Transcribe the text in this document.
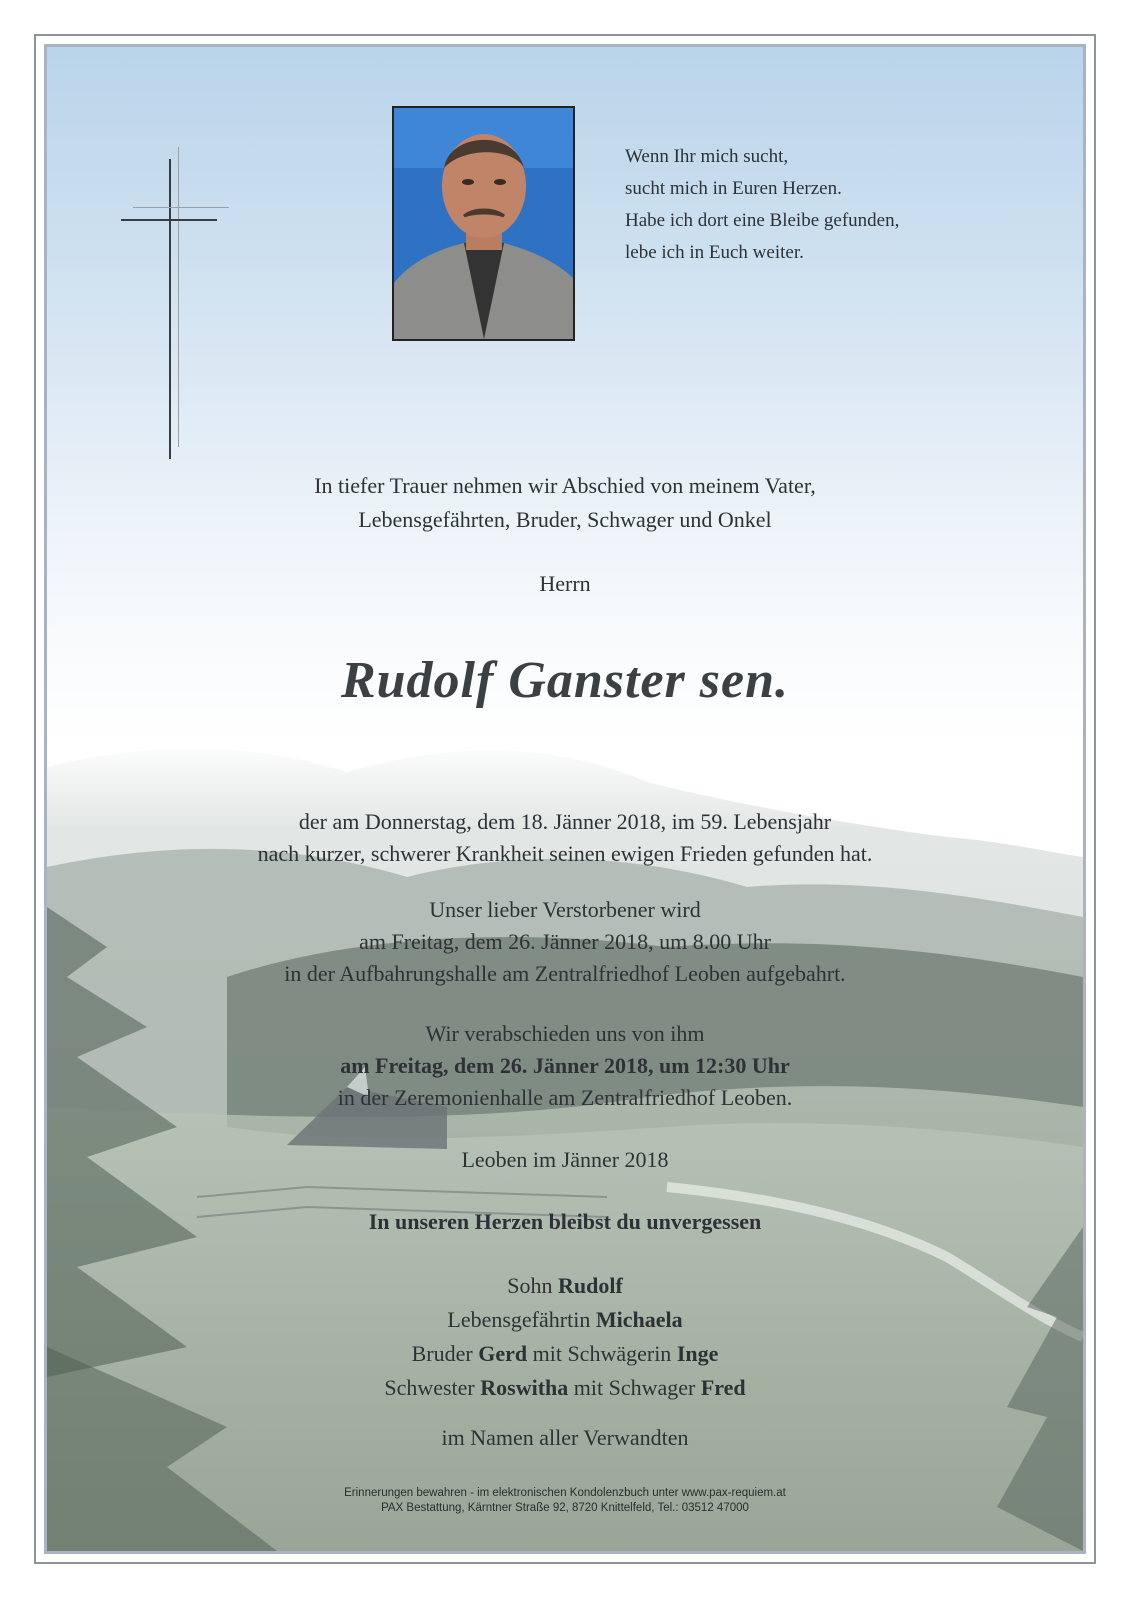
Wenn Ihr mich sucht,
sucht mich in Euren Herzen.
Habe ich dort eine Bleibe gefunden,
lebe ich in Euch weiter.
In tiefer Trauer nehmen wir Abschied von meinem Vater,
Lebensgefährten, Bruder, Schwager und Onkel
Herrn
Rudolf Ganster sen.
der am Donnerstag, dem 18. Jänner 2018, im 59. Lebensjahr
nach kurzer, schwerer Krankheit seinen ewigen Frieden gefunden hat.
Unser lieber Verstorbener wird
am Freitag, dem 26. Jänner 2018, um 8.00 Uhr
in der Aufbahrungshalle am Zentralfriedhof Leoben aufgebahrt.
Wir verabschieden uns von ihm
am Freitag, dem 26. Jänner 2018, um 12:30 Uhr
in der Zeremonienhalle am Zentralfriedhof Leoben.
Leoben im Jänner 2018
In unseren Herzen bleibst du unvergessen
Sohn Rudolf
Lebensgefährtin Michaela
Bruder Gerd mit Schwägerin Inge
Schwester Roswitha mit Schwager Fred
im Namen aller Verwandten
Erinnerungen bewahren - im elektronischen Kondolenzbuch unter www.pax-requiem.at
PAX Bestattung, Kärntner Straße 92, 8720 Knittelfeld, Tel.: 03512 47000
